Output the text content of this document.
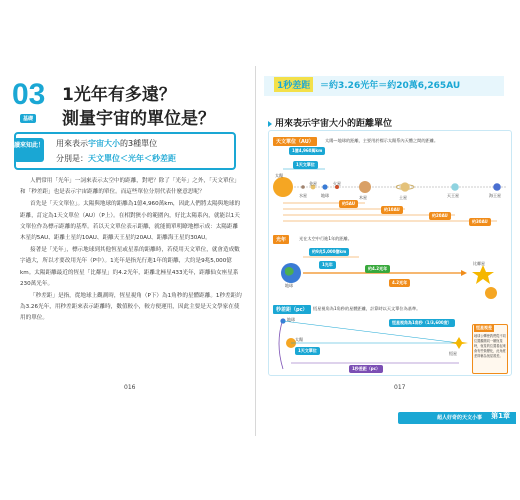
03
基礎
1光年有多遠？
測量宇宙的單位是？
讀來知此！ 用來表示宇宙大小的3種單位
分別是：天文單位＜光年＜秒差距

人們常用「光年」一詞來表示太空中的距離，對吧？除了「光年」之外，「天文單位」和「秒差距」也是表示宇宙距離的單位。而這些單位分別代表什麼意思呢？

首先是「天文單位」。太陽與地球的距離為1億4,960萬km，因此人們將太陽與地球的距離，訂定為1天文單位（AU）（P上）。在相對狹小的範圍內，好比太陽系內，就能以1天文單位作為標示距離的基準。若以天文單位表示距離，就能簡單明瞭地標示成：太陽距離木星約5AU、距離土星約10AU、距離天王星約20AU、距離海王星約30AU。

接著是「光年」，標示地球到其他恆星或星系的距離時，若使用天文單位，就會造成數字過大，所以才要改用光年（P中）。1光年是指光行進1年的距離，大約是9兆5,000億km。太陽距離最近的恆星「比鄰星」約4.2光年，距離北極星433光年，距離仙女座星系230萬光年。

「秒差距」是指，從地球上觀測時，恆星視角（P下）為1角秒的星體距離。1秒差距約為3.26光年，用秒差距來表示距離時，數值較小，較方便運用，因此主要是天文學家在使用的單位。

016
1秒差距	＝約3.26光年＝約20萬6,265AU
用來表示宇宙大小的距離單位
天文單位（AU）	太陽—地球的距離，主要用於標示太陽系內天體之間的距離。
太陽
水星
金星
地球
火星
木星	土星	天王星	海王星
1億4,960萬km
1天文單位
約5AU
約10AU
約20AU
約30AU
光年	光在太空中行進1年的距離。
地球
比鄰星
約9兆5,000億km
1光年
約4.2光年
4.2光年
秒差距（pc）	恆星視角為1角秒的星體距離，計算時以天文單位為基準。
太陽
地球
恆星
恆星視角為1角秒（1/3,600度）
1天文單位
1秒差距（pc）
恆星視差
地球公轉使我們從不同位置觀測同一顆恆星時，恆星的位置看起來會有些微變化，此角度差即稱為恆星視差。
017
超人好奇的天文小事 第1章
